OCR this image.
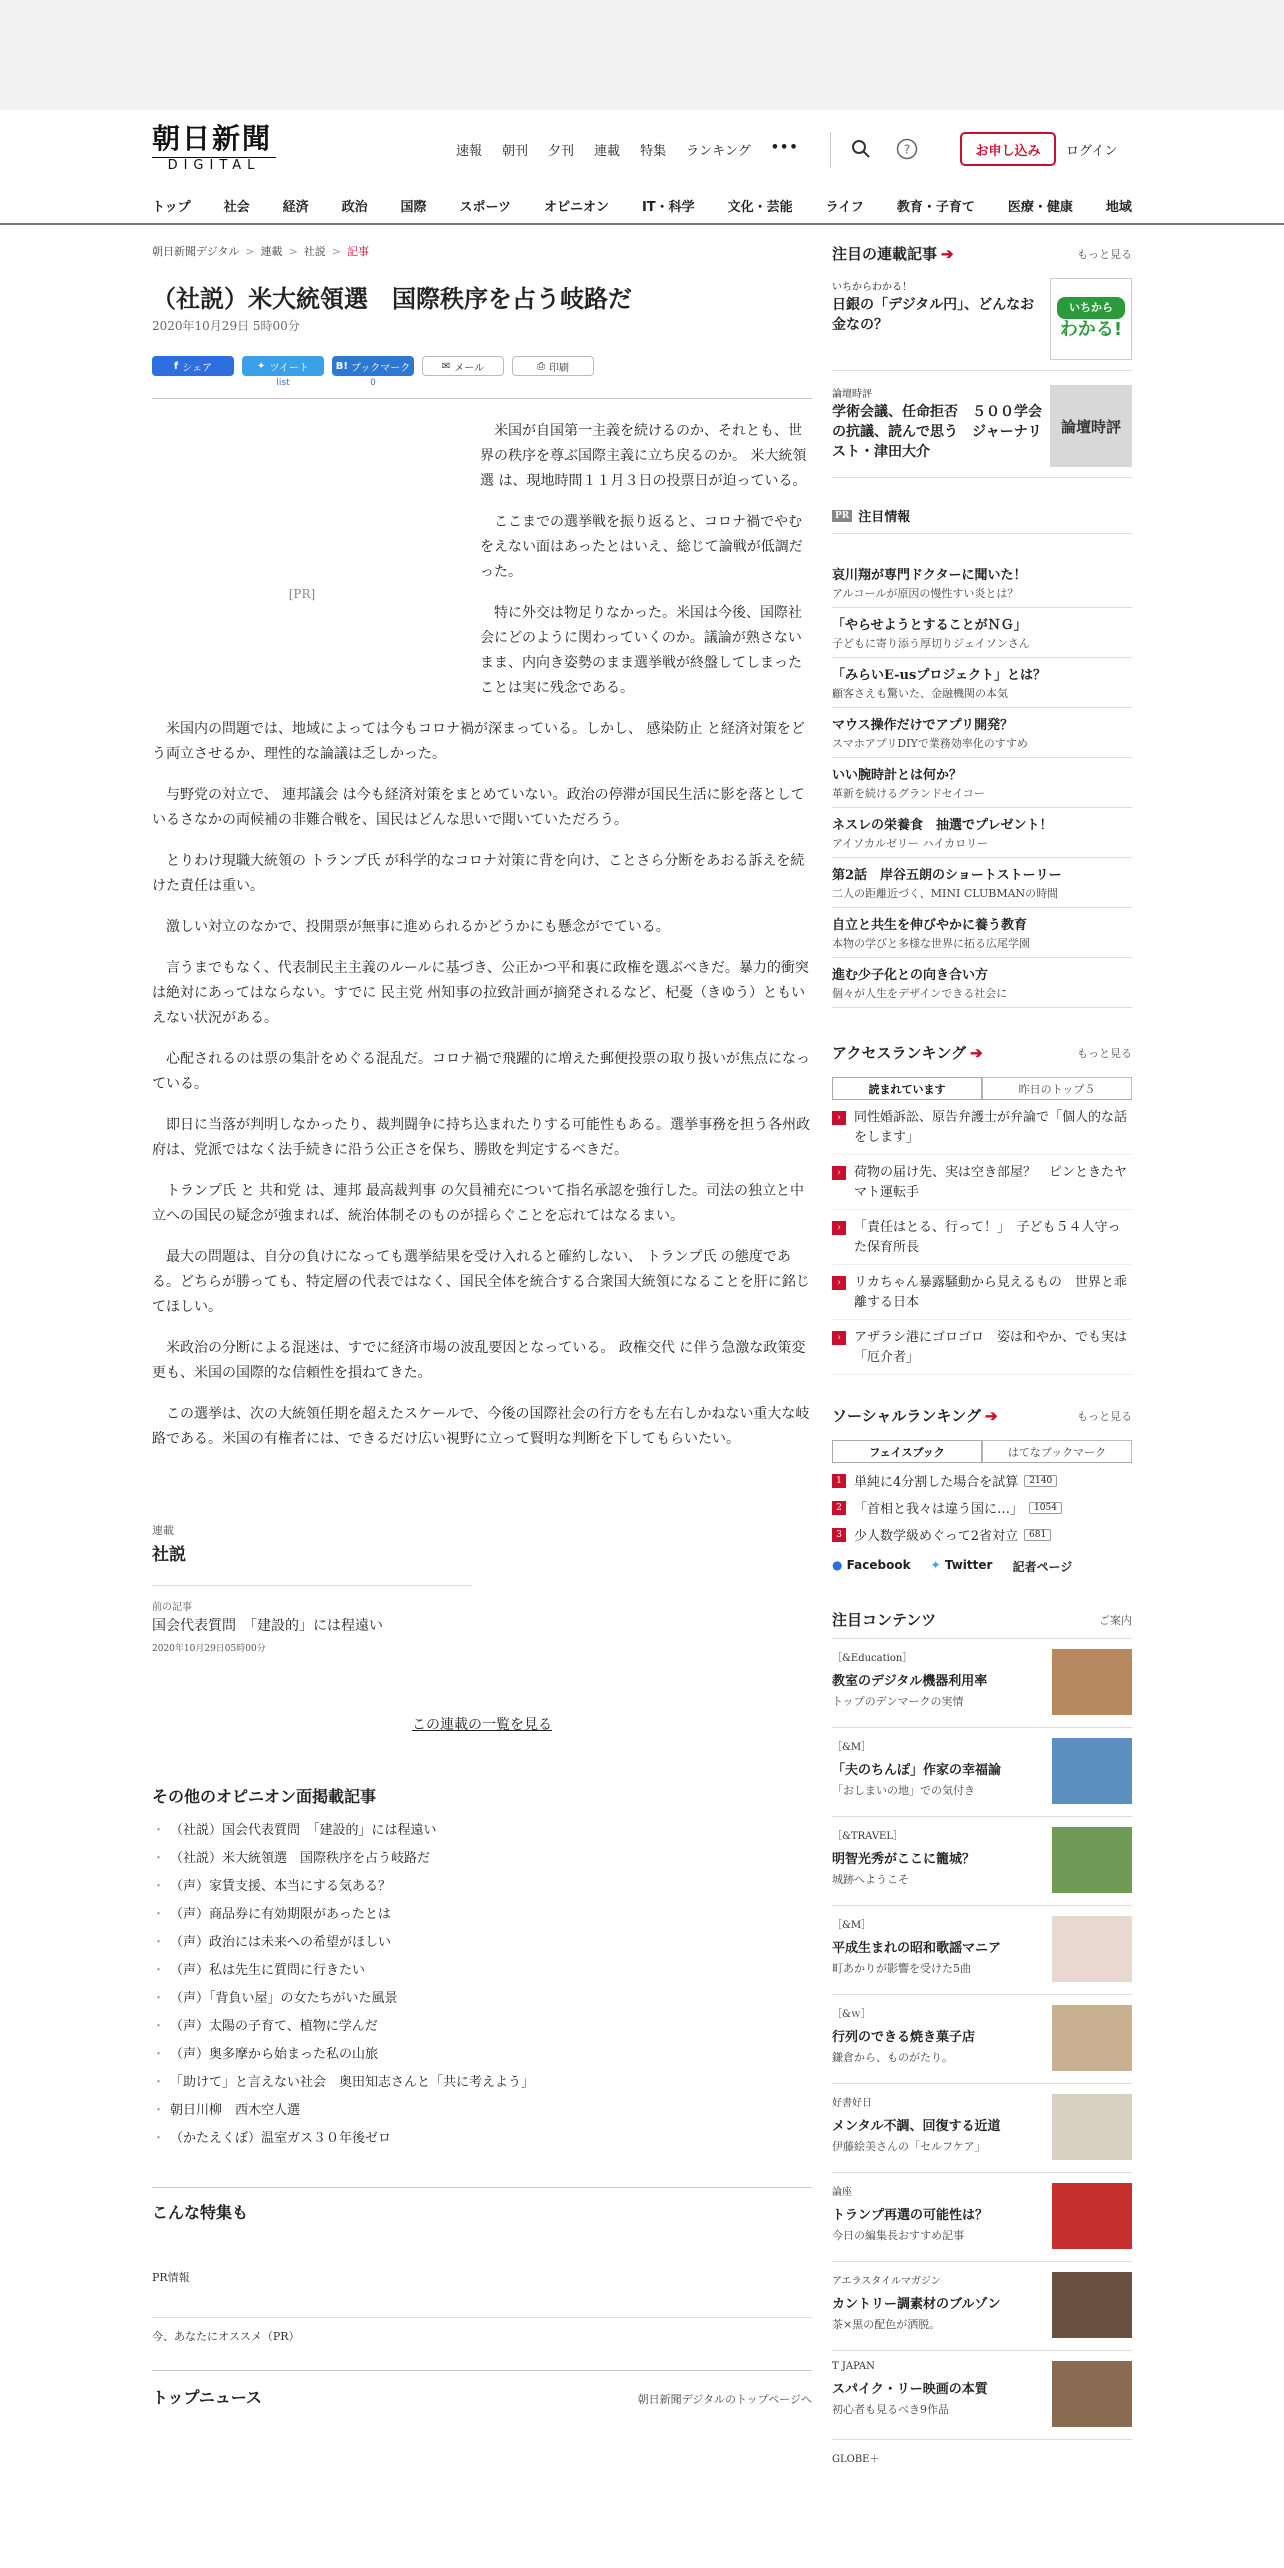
朝日新聞
DIGITAL
速報 朝刊 夕刊 連載 特集 ランキング •••	?	お申し込み	ログイン
トップ	社会	経済	政治	国際	スポーツ	オピニオン	IT・科学	文化・芸能	ライフ	教育・子育て	医療・健康	地域
朝日新聞デジタル > 連載 > 社説 > 記事
（社説）米大統領選　国際秩序を占う岐路だ
2020年10月29日 5時00分
f シェア	✦ ツイート
list
B! ブックマーク
0
✉ メール	⎙ 印刷
[PR]

米国が自国第一主義を続けるのか、それとも、世界の秩序を尊ぶ国際主義に立ち戻るのか。 米大統領選 は、現地時間１１月３日の投票日が迫っている。

ここまでの選挙戦を振り返ると、コロナ禍でやむをえない面はあったとはいえ、総じて論戦が低調だった。

特に外交は物足りなかった。米国は今後、国際社会にどのように関わっていくのか。議論が熟さないまま、内向き姿勢のまま選挙戦が終盤してしまったことは実に残念である。

米国内の問題では、地域によっては今もコロナ禍が深まっている。しかし、 感染防止 と経済対策をどう両立させるか、理性的な論議は乏しかった。

与野党の対立で、 連邦議会 は今も経済対策をまとめていない。政治の停滞が国民生活に影を落としているさなかの両候補の非難合戦を、国民はどんな思いで聞いていただろう。

とりわけ現職大統領の トランプ氏 が科学的なコロナ対策に背を向け、ことさら分断をあおる訴えを続けた責任は重い。

激しい対立のなかで、投開票が無事に進められるかどうかにも懸念がでている。

言うまでもなく、代表制民主主義のルールに基づき、公正かつ平和裏に政権を選ぶべきだ。暴力的衝突は絶対にあってはならない。すでに 民主党 州知事の拉致計画が摘発されるなど、杞憂（きゆう）ともいえない状況がある。

心配されるのは票の集計をめぐる混乱だ。コロナ禍で飛躍的に増えた郵便投票の取り扱いが焦点になっている。

即日に当落が判明しなかったり、裁判闘争に持ち込まれたりする可能性もある。選挙事務を担う各州政府は、党派ではなく法手続きに沿う公正さを保ち、勝敗を判定するべきだ。

トランプ氏 と 共和党 は、連邦 最高裁判事 の欠員補充について指名承認を強行した。司法の独立と中立への国民の疑念が強まれば、統治体制そのものが揺らぐことを忘れてはなるまい。

最大の問題は、自分の負けになっても選挙結果を受け入れると確約しない、 トランプ氏 の態度である。どちらが勝っても、特定層の代表ではなく、国民全体を統合する合衆国大統領になることを肝に銘じてほしい。

米政治の分断による混迷は、すでに経済市場の波乱要因となっている。 政権交代 に伴う急激な政策変更も、米国の国際的な信頼性を損ねてきた。

この選挙は、次の大統領任期を超えたスケールで、今後の国際社会の行方をも左右しかねない重大な岐路である。米国の有権者には、できるだけ広い視野に立って賢明な判断を下してもらいたい。

連載
社説
前の記事
国会代表質問　「建設的」には程遠い
2020年10月29日05時00分
この連載の一覧を見る
その他のオピニオン面掲載記事
・ （社説）国会代表質問　「建設的」には程遠い
・ （社説）米大統領選　国際秩序を占う岐路だ
・ （声）家賃支援、本当にする気ある？
・ （声）商品券に有効期限があったとは
・ （声）政治には未来への希望がほしい
・ （声）私は先生に質問に行きたい
・ （声）「背負い屋」の女たちがいた風景
・ （声）太陽の子育て、植物に学んだ
・ （声）奥多摩から始まった私の山旅
・ 「助けて」と言えない社会　奥田知志さんと「共に考えよう」
・ 朝日川柳　西木空人選
・ （かたえくぼ）温室ガス３０年後ゼロ
こんな特集も
PR情報
今、あなたにオススメ（PR）
トップニュース	朝日新聞デジタルのトップページへ
注目の連載記事 ➔	もっと見る
いちからわかる！
日銀の「デジタル円」、どんなお金なの？
いちから
わかる!
論壇時評
学術会議、任命拒否　５００学会の抗議、読んで思う　ジャーナリスト・津田大介
論壇時評
PR 注目情報
哀川翔が専門ドクターに聞いた！
アルコールが原因の慢性すい炎とは？
「やらせようとすることがＮＧ」
子どもに寄り添う厚切りジェイソンさん
「みらいE-usプロジェクト」とは？
顧客さえも驚いた、金融機関の本気
マウス操作だけでアプリ開発？
スマホアプリDIYで業務効率化のすすめ
いい腕時計とは何か？
革新を続けるグランドセイコー
ネスレの栄養食　抽選でプレゼント！
アイソカルゼリー ハイカロリー
第2話　岸谷五朗のショートストーリー
二人の距離近づく、MINI CLUBMANの時間
自立と共生を伸びやかに養う教育
本物の学びと多様な世界に拓る広尾学園
進む少子化との向き合い方
個々が人生をデザインできる社会に
アクセスランキング ➔	もっと見る
読まれています	昨日のトップ５
›	同性婚訴訟、原告弁護士が弁論で「個人的な話をします」
›	荷物の届け先、実は空き部屋？　ピンときたヤマト運転手
›	「責任はとる、行って！」　子ども５４人守った保育所長
›	リカちゃん暴露騒動から見えるもの　世界と乖離する日本
›	アザラシ港にゴロゴロ　姿は和やか、でも実は「厄介者」
ソーシャルランキング ➔	もっと見る
フェイスブック	はてなブックマーク
1 単純に4分割した場合を試算	2140
2 「首相と我々は違う国に…」	1054
3 少人数学級めぐって2省対立	681
● Facebook ✦ Twitter 記者ページ
注目コンテンツ	ご案内
［&Education］
教室のデジタル機器利用率
トップのデンマークの実情
［&M］
「夫のちんぽ」作家の幸福論
「おしまいの地」での気付き
［&TRAVEL］
明智光秀がここに籠城？
城跡へようこそ
［&M］
平成生まれの昭和歌謡マニア
町あかりが影響を受けた5曲
［&ｗ］
行列のできる焼き菓子店
鎌倉から、ものがたり。
好書好日
メンタル不調、回復する近道
伊藤絵美さんの「セルフケア」
論座
トランプ再選の可能性は？
今日の編集長おすすめ記事
アエラスタイルマガジン
カントリー調素材のブルゾン
茶×黒の配色が洒脱。
T JAPAN
スパイク・リー映画の本質
初心者も見るべき9作品
GLOBE＋
